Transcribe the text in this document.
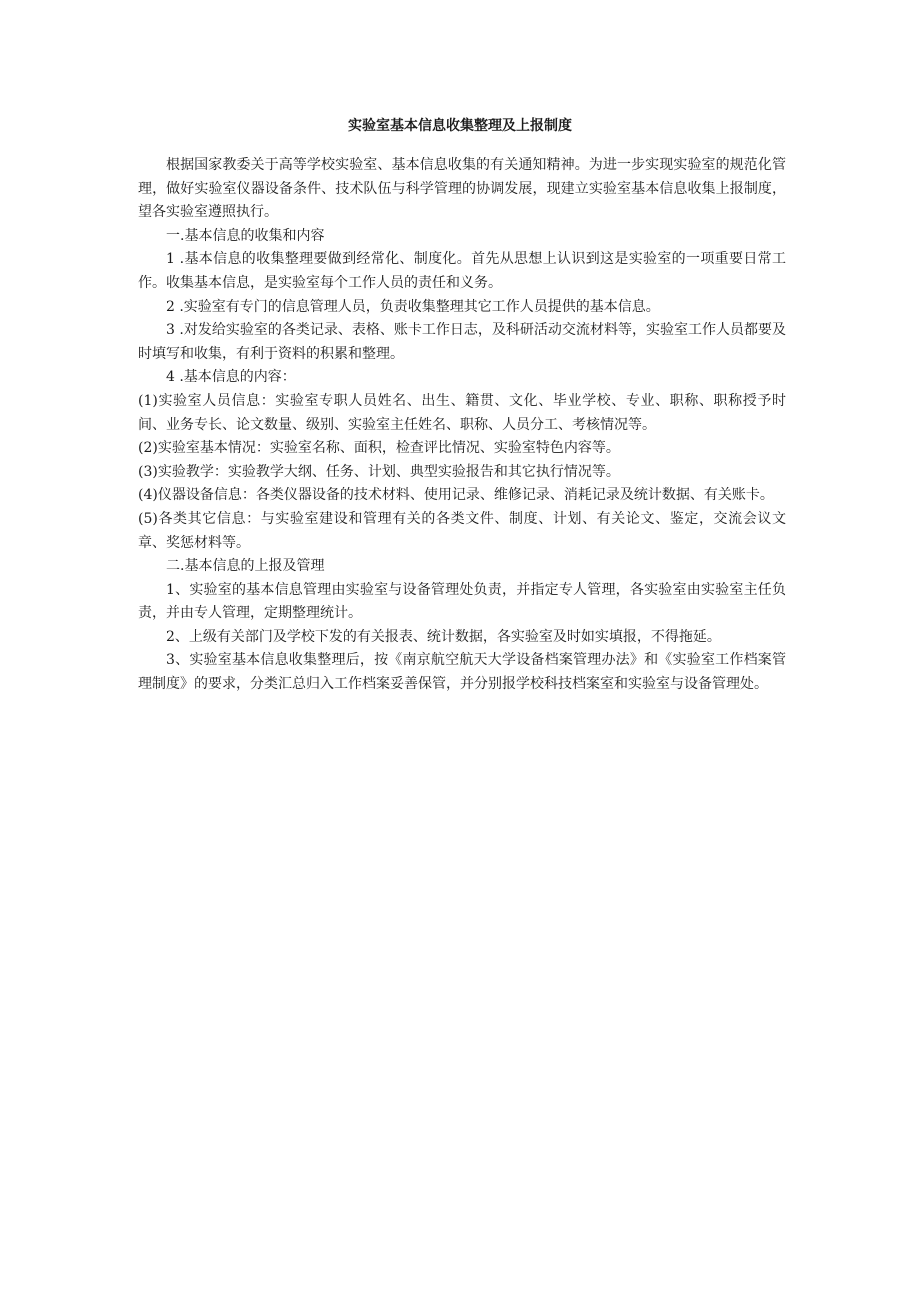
实验室基本信息收集整理及上报制度

根据国家教委关于高等学校实验室、基本信息收集的有关通知精神。为进一步实现实验室的规范化管理，做好实验室仪器设备条件、技术队伍与科学管理的协调发展，现建立实验室基本信息收集上报制度，望各实验室遵照执行。

一.基本信息的收集和内容

1 .基本信息的收集整理要做到经常化、制度化。首先从思想上认识到这是实验室的一项重要日常工作。收集基本信息，是实验室每个工作人员的责任和义务。

2 .实验室有专门的信息管理人员，负责收集整理其它工作人员提供的基本信息。

3 .对发给实验室的各类记录、表格、账卡工作日志，及科研活动交流材料等，实验室工作人员都要及时填写和收集，有利于资料的积累和整理。

4 .基本信息的内容：

(1)实验室人员信息：实验室专职人员姓名、出生、籍贯、文化、毕业学校、专业、职称、职称授予时间、业务专长、论文数量、级别、实验室主任姓名、职称、人员分工、考核情况等。

(2)实验室基本情况：实验室名称、面积，检查评比情况、实验室特色内容等。

(3)实验教学：实验教学大纲、任务、计划、典型实验报告和其它执行情况等。

(4)仪器设备信息：各类仪器设备的技术材料、使用记录、维修记录、消耗记录及统计数据、有关账卡。

(5)各类其它信息：与实验室建设和管理有关的各类文件、制度、计划、有关论文、鉴定，交流会议文章、奖惩材料等。

二.基本信息的上报及管理

1、实验室的基本信息管理由实验室与设备管理处负责，并指定专人管理，各实验室由实验室主任负责，并由专人管理，定期整理统计。

2、上级有关部门及学校下发的有关报表、统计数据，各实验室及时如实填报，不得拖延。

3、实验室基本信息收集整理后，按《南京航空航天大学设备档案管理办法》和《实验室工作档案管理制度》的要求，分类汇总归入工作档案妥善保管，并分别报学校科技档案室和实验室与设备管理处。
